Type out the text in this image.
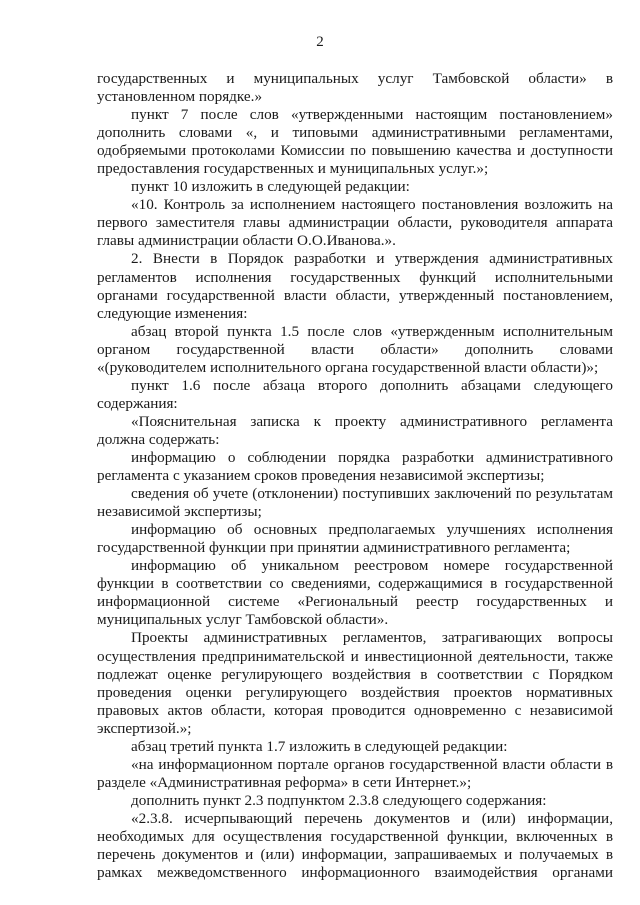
2

государственных и муниципальных услуг Тамбовской области» в установленном порядке.»

пункт 7 после слов «утвержденными настоящим постановлением» дополнить словами «, и типовыми административными регламентами, одобряемыми протоколами Комиссии по повышению качества и доступности предоставления государственных и муниципальных услуг.»;

пункт 10 изложить в следующей редакции:

«10. Контроль за исполнением настоящего постановления возложить на первого заместителя главы администрации области, руководителя аппарата главы администрации области О.О.Иванова.».

2. Внести в Порядок разработки и утверждения административных регламентов исполнения государственных функций исполнительными органами государственной власти области, утвержденный постановлением, следующие изменения:

абзац второй пункта 1.5 после слов «утвержденным исполнительным органом государственной власти области» дополнить словами «(руководителем исполнительного органа государственной власти области)»;

пункт 1.6 после абзаца второго дополнить абзацами следующего содержания:

«Пояснительная записка к проекту административного регламента должна содержать:

информацию о соблюдении порядка разработки административного регламента с указанием сроков проведения независимой экспертизы;

сведения об учете (отклонении) поступивших заключений по результатам независимой экспертизы;

информацию об основных предполагаемых улучшениях исполнения государственной функции при принятии административного регламента;

информацию об уникальном реестровом номере государственной функции в соответствии со сведениями, содержащимися в государственной информационной системе «Региональный реестр государственных и муниципальных услуг Тамбовской области».

Проекты административных регламентов, затрагивающих вопросы осуществления предпринимательской и инвестиционной деятельности, также подлежат оценке регулирующего воздействия в соответствии с Порядком проведения оценки регулирующего воздействия проектов нормативных правовых актов области, которая проводится одновременно с независимой экспертизой.»;

абзац третий пункта 1.7 изложить в следующей редакции:

«на информационном портале органов государственной власти области в разделе «Административная реформа» в сети Интернет.»;

дополнить пункт 2.3 подпунктом 2.3.8 следующего содержания:

«2.3.8. исчерпывающий перечень документов и (или) информации, необходимых для осуществления государственной функции, включенных в перечень документов и (или) информации, запрашиваемых и получаемых в рамках межведомственного информационного взаимодействия органами
